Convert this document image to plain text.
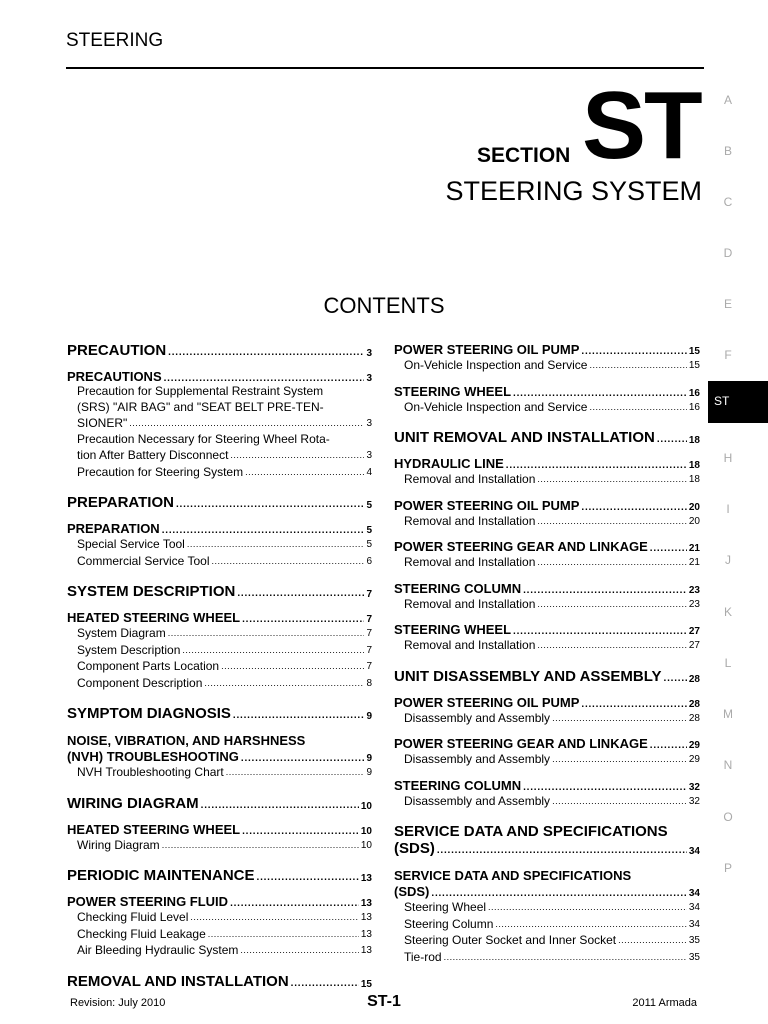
STEERING
SECTION ST
STEERING SYSTEM
CONTENTS
PRECAUTION . . .	3
PRECAUTIONS . . .	3
Precaution for Supplemental Restraint System
(SRS) "AIR BAG" and "SEAT BELT PRE-TEN-
SIONER" . . .	3
Precaution Necessary for Steering Wheel Rota-
tion After Battery Disconnect . . .	3
Precaution for Steering System . . .	4
PREPARATION . . .	5
PREPARATION . . .	5
Special Service Tool . . .	5
Commercial Service Tool . . .	6
SYSTEM DESCRIPTION . . .	7
HEATED STEERING WHEEL . . .	7
System Diagram . . .	7
System Description . . .	7
Component Parts Location . . .	7
Component Description . . .	8
SYMPTOM DIAGNOSIS . . .	9
NOISE, VIBRATION, AND HARSHNESS
(NVH) TROUBLESHOOTING . . .	9
NVH Troubleshooting Chart . . .	9
WIRING DIAGRAM . . .	10
HEATED STEERING WHEEL . . .	10
Wiring Diagram . . .	10
PERIODIC MAINTENANCE . . .	13
POWER STEERING FLUID . . .	13
Checking Fluid Level . . .	13
Checking Fluid Leakage . . .	13
Air Bleeding Hydraulic System . . .	13
REMOVAL AND INSTALLATION . . .	15
POWER STEERING OIL PUMP . . .	15
On-Vehicle Inspection and Service . . .	15
STEERING WHEEL . . .	16
On-Vehicle Inspection and Service . . .	16
UNIT REMOVAL AND INSTALLATION . . .	18
HYDRAULIC LINE . . .	18
Removal and Installation . . .	18
POWER STEERING OIL PUMP . . .	20
Removal and Installation . . .	20
POWER STEERING GEAR AND LINKAGE . . .	21
Removal and Installation . . .	21
STEERING COLUMN . . .	23
Removal and Installation . . .	23
STEERING WHEEL . . .	27
Removal and Installation . . .	27
UNIT DISASSEMBLY AND ASSEMBLY . . .	28
POWER STEERING OIL PUMP . . .	28
Disassembly and Assembly . . .	28
POWER STEERING GEAR AND LINKAGE . . .	29
Disassembly and Assembly . . .	29
STEERING COLUMN . . .	32
Disassembly and Assembly . . .	32
SERVICE DATA AND SPECIFICATIONS
(SDS) . . .	34
SERVICE DATA AND SPECIFICATIONS
(SDS) . . .	34
Steering Wheel . . .	34
Steering Column . . .	34
Steering Outer Socket and Inner Socket . . .	35
Tie-rod . . .	35
A
B
C
D
E
F
ST
H
I
J
K
L
M
N
O
P
Revision: July 2010	ST-1	2011 Armada
